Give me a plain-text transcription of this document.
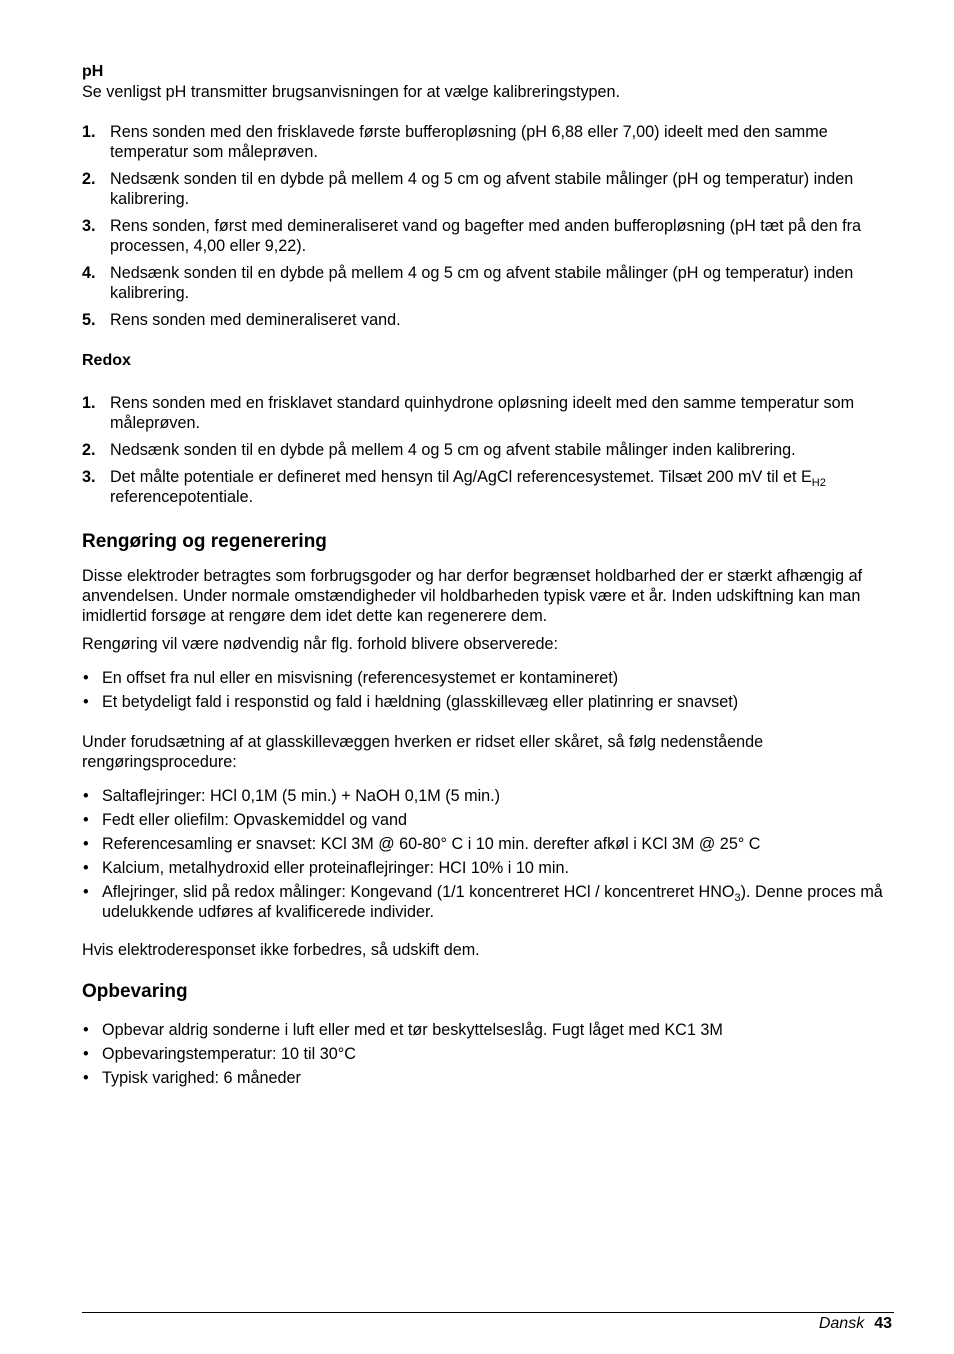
pH

Se venligst pH transmitter brugsanvisningen for at vælge kalibreringstypen.

1. Rens sonden med den frisklavede første bufferopløsning (pH 6,88 eller 7,00) ideelt med den samme temperatur som måleprøven.
2. Nedsænk sonden til en dybde på mellem 4 og 5 cm og afvent stabile målinger (pH og temperatur) inden kalibrering.
3. Rens sonden, først med demineraliseret vand og bagefter med anden bufferopløsning (pH tæt på den fra processen, 4,00 eller 9,22).
4. Nedsænk sonden til en dybde på mellem 4 og 5 cm og afvent stabile målinger (pH og temperatur) inden kalibrering.
5. Rens sonden med demineraliseret vand.

Redox

1. Rens sonden med en frisklavet standard quinhydrone opløsning ideelt med den samme temperatur som måleprøven.
2. Nedsænk sonden til en dybde på mellem 4 og 5 cm og afvent stabile målinger inden kalibrering.
3. Det målte potentiale er defineret med hensyn til Ag/AgCl referencesystemet. Tilsæt 200 mV til et $E_{H2}$ referencepotentiale.
Rengøring og regenerering

Disse elektroder betragtes som forbrugsgoder og har derfor begrænset holdbarhed der er stærkt afhængig af anvendelsen. Under normale omstændigheder vil holdbarheden typisk være et år. Inden udskiftning kan man imidlertid forsøge at rengøre dem idet dette kan regenerere dem.

Rengøring vil være nødvendig når flg. forhold blivere observerede:

• En offset fra nul eller en misvisning (referencesystemet er kontamineret)
• Et betydeligt fald i responstid og fald i hældning (glasskillevæg eller platinring er snavset)

Under forudsætning af at glasskillevæggen hverken er ridset eller skåret, så følg nedenstående rengøringsprocedure:

• Saltaflejringer: HCl 0,1M (5 min.) + NaOH 0,1M (5 min.)
• Fedt eller oliefilm: Opvaskemiddel og vand
• Referencesamling er snavset: KCl 3M @ 60-80° C i 10 min. derefter afkøl i KCl 3M @ 25° C
• Kalcium, metalhydroxid eller proteinaflejringer: HCI 10% i 10 min.
• Aflejringer, slid på redox målinger: Kongevand (1/1 koncentreret HCl / koncentreret $HNO_3$). Denne proces må udelukkende udføres af kvalificerede individer.

Hvis elektroderesponset ikke forbedres, så udskift dem.

Opbevaring
• Opbevar aldrig sonderne i luft eller med et tør beskyttelseslåg. Fugt låget med KC1 3M
• Opbevaringstemperatur: 10 til 30°C
• Typisk varighed: 6 måneder
Dansk 43
